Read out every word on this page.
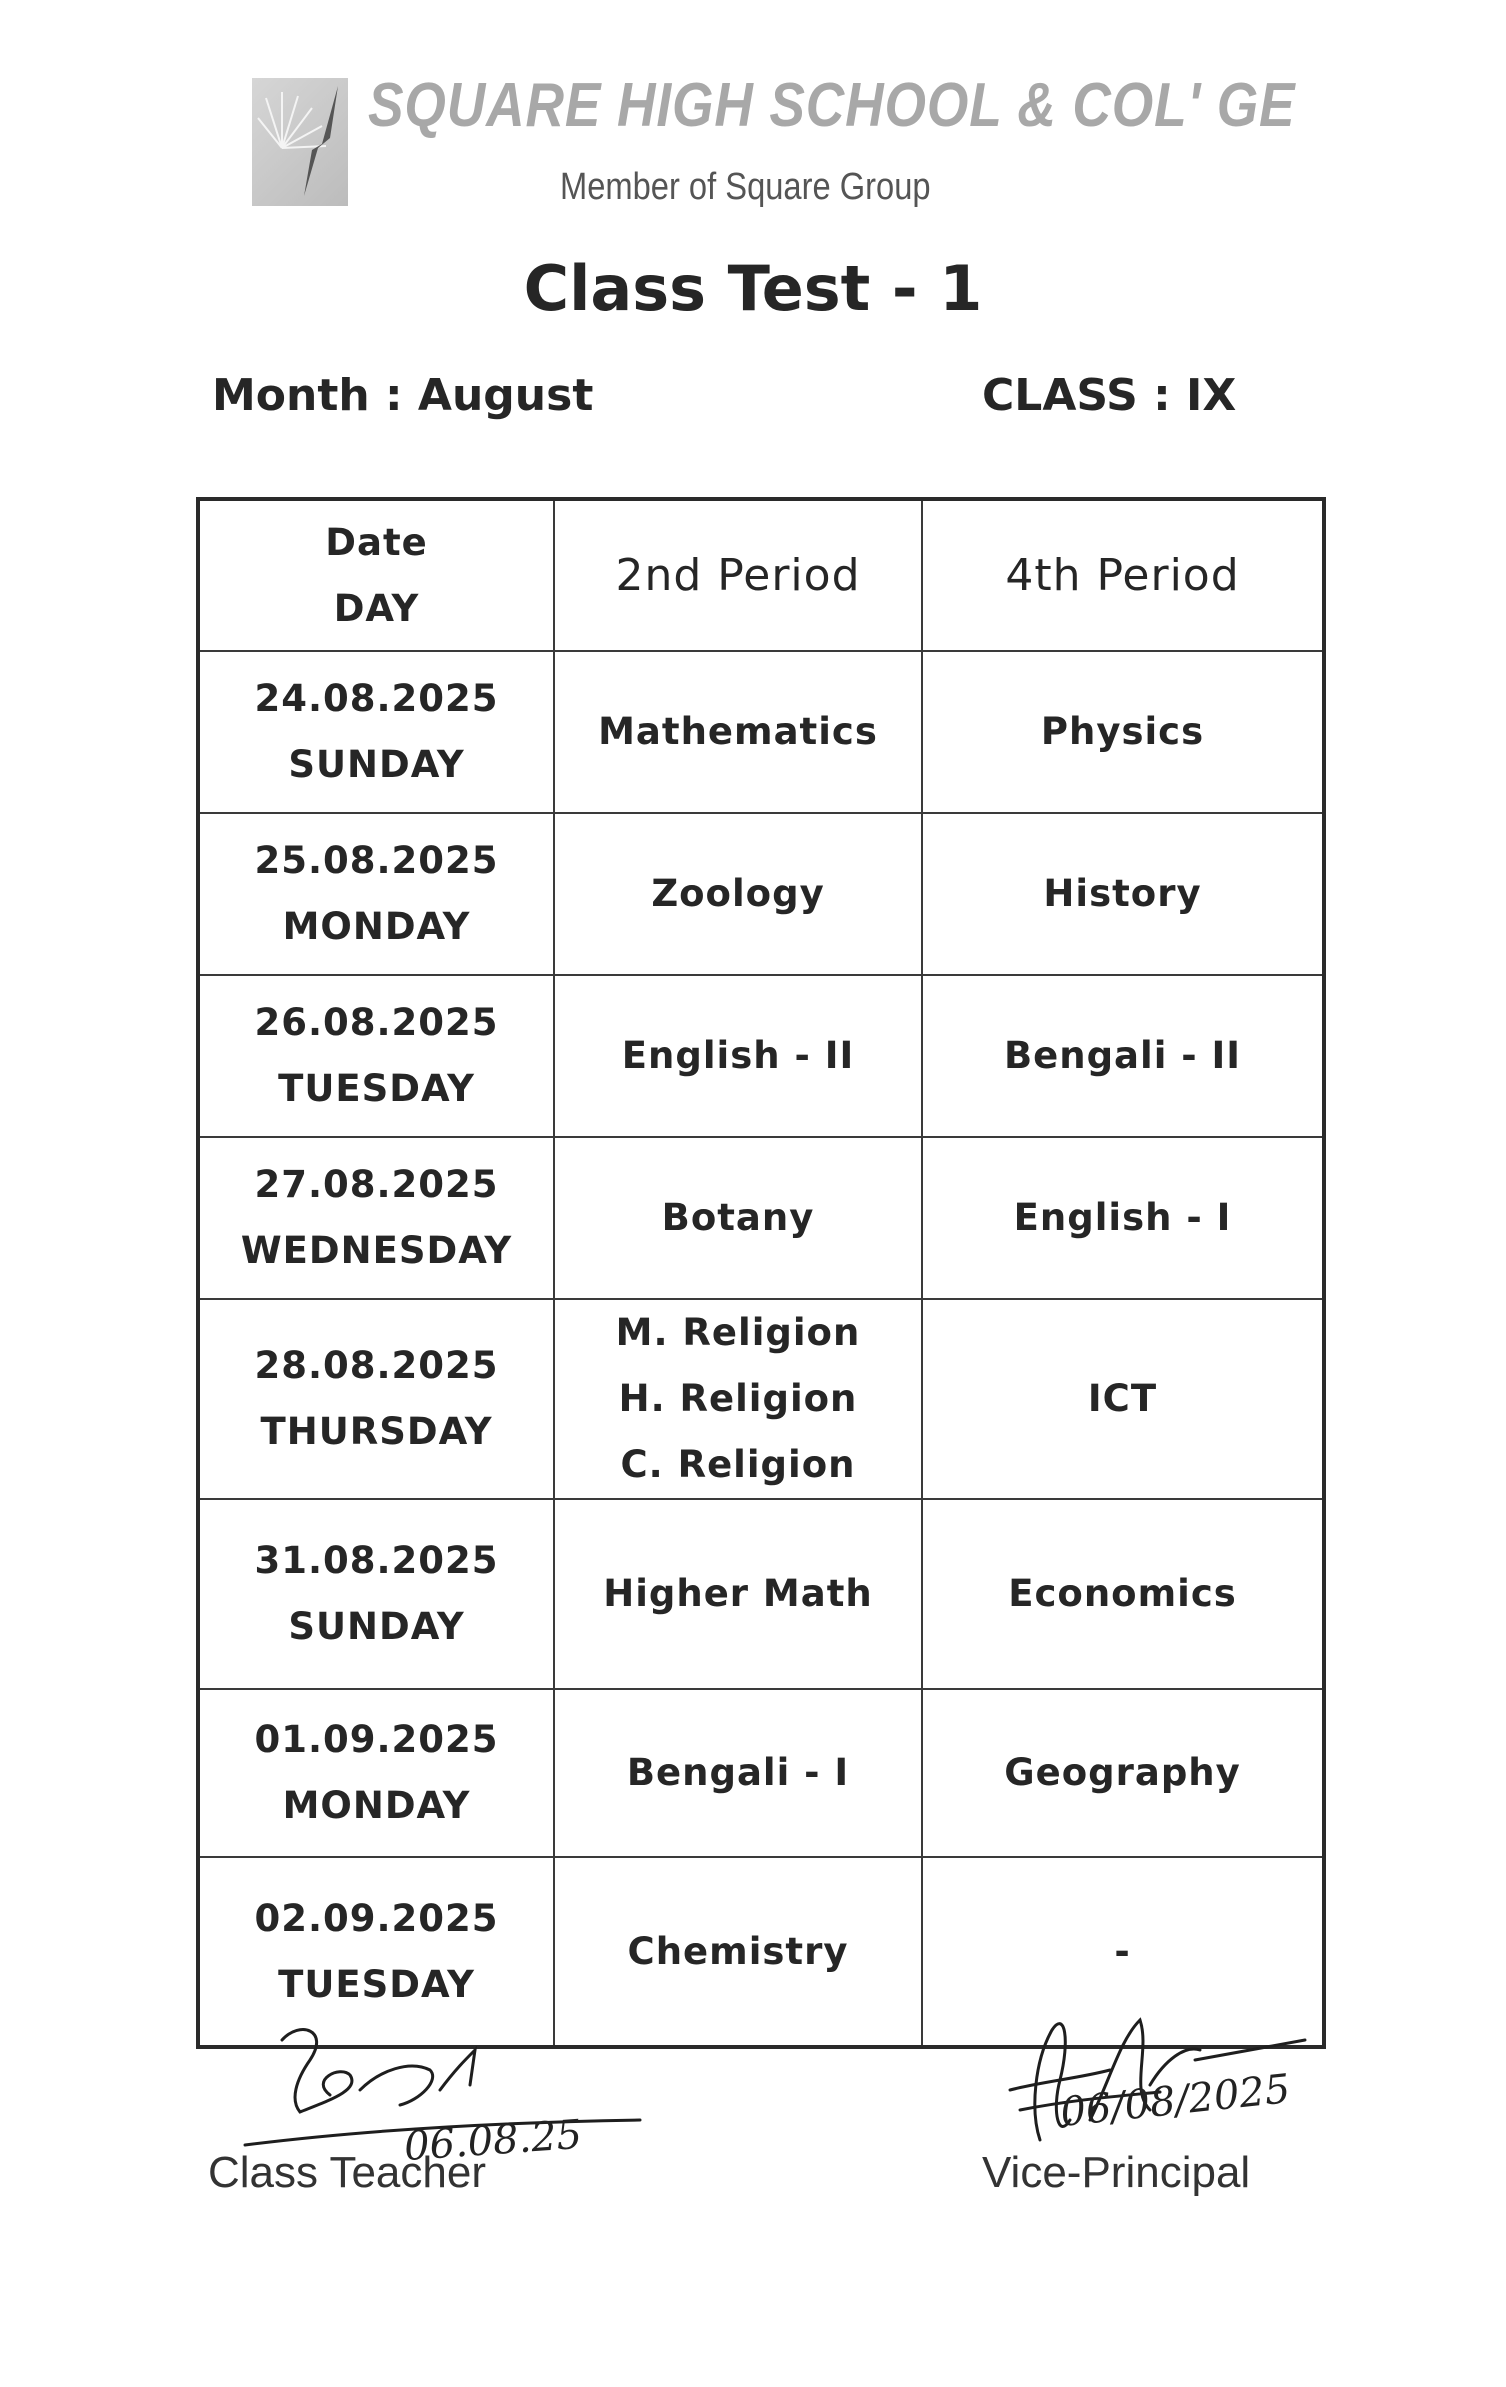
SQUARE HIGH SCHOOL & COL' GE
Member of Square Group
Class Test - 1
Month : August	CLASS : IX
Date
DAY	2nd Period	4th Period

24.08.2025
SUNDAY	Mathematics	Physics

25.08.2025
MONDAY	Zoology	History

26.08.2025
TUESDAY	English - II	Bengali - II

27.08.2025
WEDNESDAY	Botany	English - I

28.08.2025
THURSDAY	M. Religion
H. Religion
C. Religion	ICT

31.08.2025
SUNDAY	Higher Math	Economics

01.09.2025
MONDAY	Bengali - I	Geography

02.09.2025
TUESDAY	Chemistry	-
Class Teacher
06.08.25
Vice-Principal
06/08/2025
